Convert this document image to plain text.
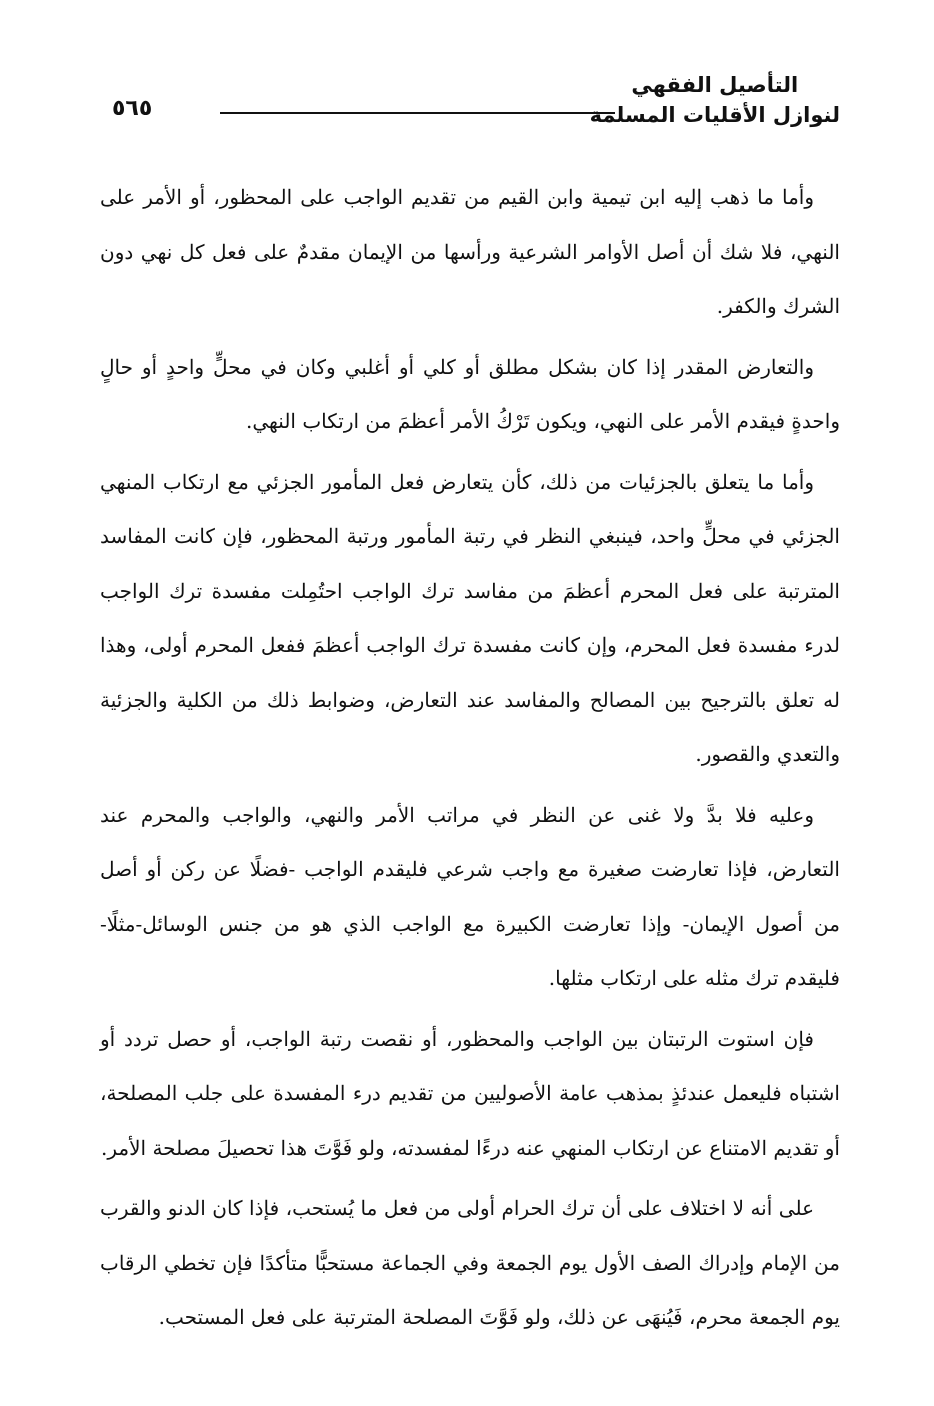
التأصيل الفقهي
لنوازل الأقليات المسلمة
٥٦٥

وأما ما ذهب إليه ابن تيمية وابن القيم من تقديم الواجب على المحظور، أو الأمر على النهي، فلا شك أن أصل الأوامر الشرعية ورأسها من الإيمان مقدمٌ على فعل كل نهي دون الشرك والكفر.

والتعارض المقدر إذا كان بشكل مطلق أو كلي أو أغلبي وكان في محلٍّ واحدٍ أو حالٍ واحدةٍ فيقدم الأمر على النهي، ويكون تَرْكُ الأمر أعظمَ من ارتكاب النهي.

وأما ما يتعلق بالجزئيات من ذلك، كأن يتعارض فعل المأمور الجزئي مع ارتكاب المنهي الجزئي في محلٍّ واحد، فينبغي النظر في رتبة المأمور ورتبة المحظور، فإن كانت المفاسد المترتبة على فعل المحرم أعظمَ من مفاسد ترك الواجب احتُمِلت مفسدة ترك الواجب لدرء مفسدة فعل المحرم، وإن كانت مفسدة ترك الواجب أعظمَ ففعل المحرم أولى، وهذا له تعلق بالترجيح بين المصالح والمفاسد عند التعارض، وضوابط ذلك من الكلية والجزئية والتعدي والقصور.

وعليه فلا بدَّ ولا غنى عن النظر في مراتب الأمر والنهي، والواجب والمحرم عند التعارض، فإذا تعارضت صغيرة مع واجب شرعي فليقدم الواجب -فضلًا عن ركن أو أصل من أصول الإيمان- وإذا تعارضت الكبيرة مع الواجب الذي هو من جنس الوسائل-مثلًا- فليقدم ترك مثله على ارتكاب مثلها.

فإن استوت الرتبتان بين الواجب والمحظور، أو نقصت رتبة الواجب، أو حصل تردد أو اشتباه فليعمل عندئذٍ بمذهب عامة الأصوليين من تقديم درء المفسدة على جلب المصلحة، أو تقديم الامتناع عن ارتكاب المنهي عنه درءًا لمفسدته، ولو فَوَّتَ هذا تحصيلَ مصلحة الأمر.

على أنه لا اختلاف على أن ترك الحرام أولى من فعل ما يُستحب، فإذا كان الدنو والقرب من الإمام وإدراك الصف الأول يوم الجمعة وفي الجماعة مستحبًّا متأكدًا فإن تخطي الرقاب يوم الجمعة محرم، فَيُنهَى عن ذلك، ولو فَوَّتَ المصلحة المترتبة على فعل المستحب.
